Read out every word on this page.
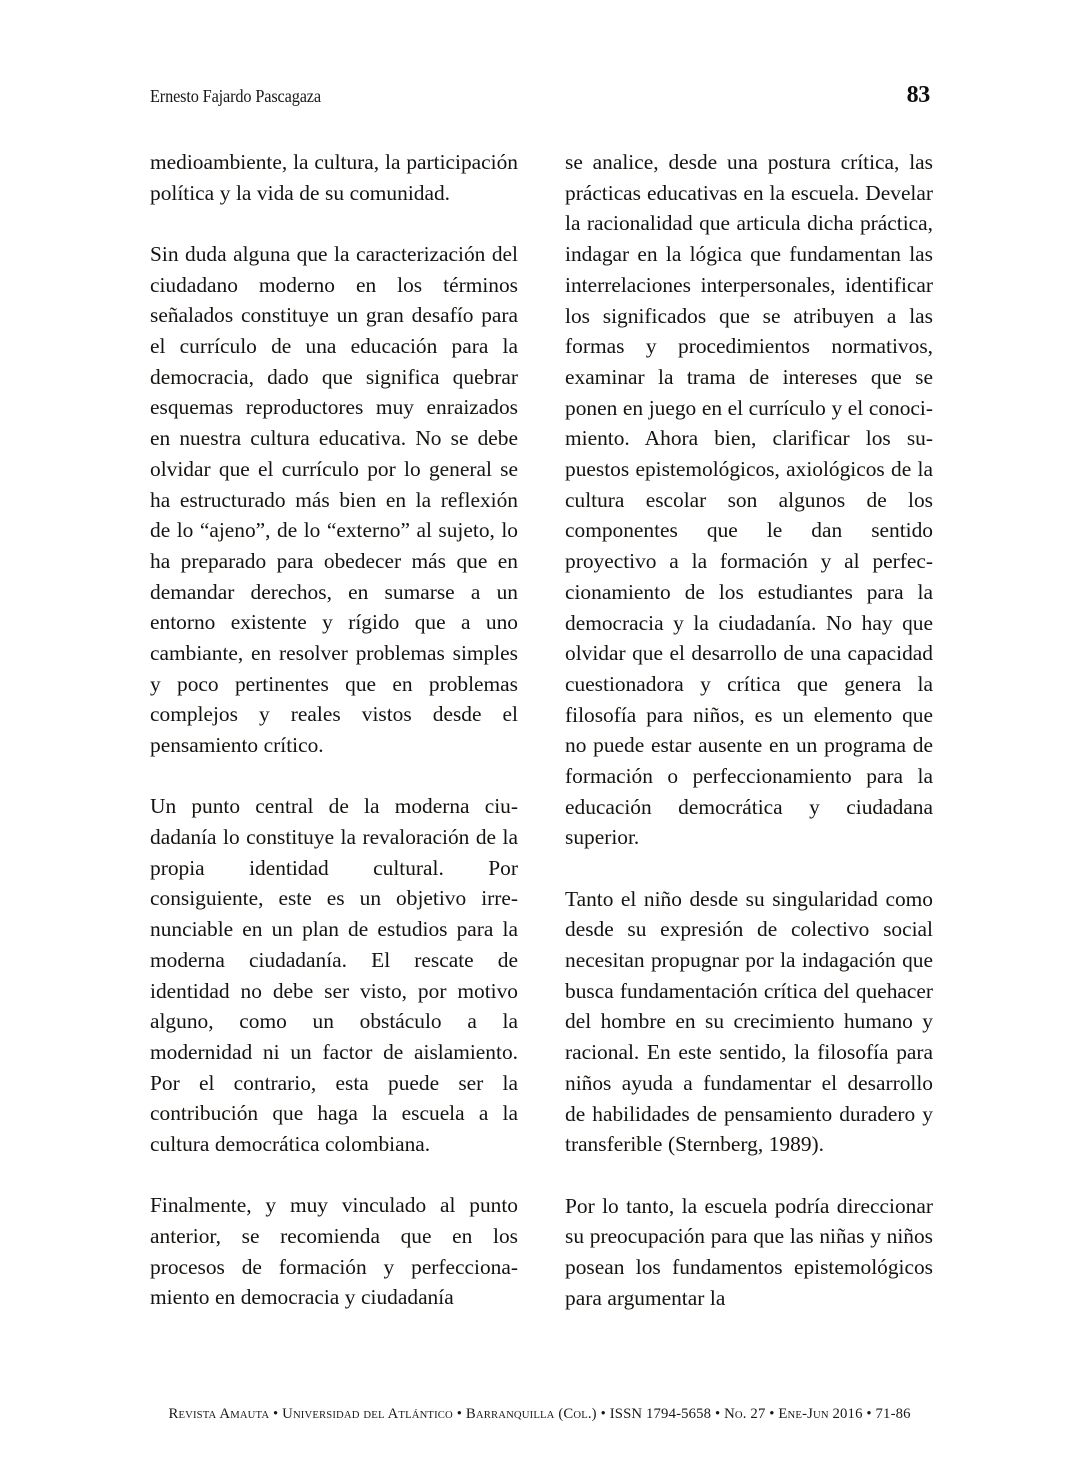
Ernesto Fajardo Pascagaza	83

medioambiente, la cultura, la participación política y la vida de su comunidad.

Sin duda alguna que la caracterización del ciudadano moderno en los términos señalados constituye un gran desafío para el currículo de una educación para la democracia, dado que significa quebrar esquemas reproductores muy enraizados en nuestra cultura educativa. No se debe olvidar que el currículo por lo general se ha estructurado más bien en la reflexión de lo “ajeno”, de lo “externo” al sujeto, lo ha preparado para obedecer más que en demandar derechos, en sumarse a un entorno existente y rígido que a uno cambiante, en resolver problemas simples y poco pertinentes que en problemas complejos y reales vistos desde el pensamiento crítico.

Un punto central de la moderna ciudadanía lo constituye la revaloración de la propia identidad cultural. Por consiguiente, este es un objetivo irrenunciable en un plan de estudios para la moderna ciudadanía. El rescate de identidad no debe ser visto, por motivo alguno, como un obstáculo a la modernidad ni un factor de aislamiento. Por el contrario, esta puede ser la contribución que haga la escuela a la cultura democrática colombiana.

Finalmente, y muy vinculado al punto anterior, se recomienda que en los procesos de formación y perfeccionamiento en democracia y ciudadanía

se analice, desde una postura crítica, las prácticas educativas en la escuela. Develar la racionalidad que articula dicha práctica, indagar en la lógica que fundamentan las interrelaciones interpersonales, identificar los significados que se atribuyen a las formas y procedimientos normativos, examinar la trama de intereses que se ponen en juego en el currículo y el conocimiento. Ahora bien, clarificar los supuestos epistemológicos, axiológicos de la cultura escolar son algunos de los componentes que le dan sentido proyectivo a la formación y al perfeccionamiento de los estudiantes para la democracia y la ciudadanía. No hay que olvidar que el desarrollo de una capacidad cuestionadora y crítica que genera la filosofía para niños, es un elemento que no puede estar ausente en un programa de formación o perfeccionamiento para la educación democrática y ciudadana superior.

Tanto el niño desde su singularidad como desde su expresión de colectivo social necesitan propugnar por la indagación que busca fundamentación crítica del quehacer del hombre en su crecimiento humano y racional. En este sentido, la filosofía para niños ayuda a fundamentar el desarrollo de habilidades de pensamiento duradero y transferible (Sternberg, 1989).

Por lo tanto, la escuela podría direccionar su preocupación para que las niñas y niños posean los fundamentos epistemológicos para argumentar la

Revista Amauta • Universidad del Atlántico • Barranquilla (Col.) • ISSN 1794-5658 • No. 27 • Ene-Jun 2016 • 71-86
